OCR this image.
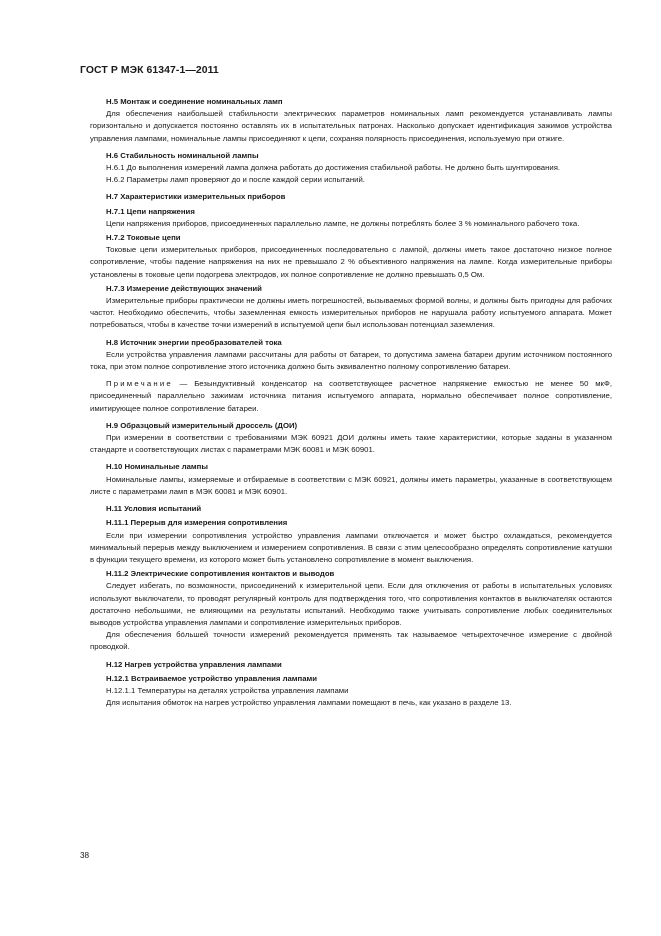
ГОСТ Р МЭК 61347-1—2011

Н.5 Монтаж и соединение номинальных ламп

Для обеспечения наибольшей стабильности электрических параметров номинальных ламп рекомендуется устанавливать лампы горизонтально и допускается постоянно оставлять их в испытательных патронах. Насколько допускает идентификация зажимов устройства управления лампами, номинальные лампы присоединяют к цепи, сохраняя полярность присоединения, используемую при отжиге.

Н.6 Стабильность номинальной лампы

Н.6.1 До выполнения измерений лампа должна работать до достижения стабильной работы. Не должно быть шунтирования.

Н.6.2 Параметры ламп проверяют до и после каждой серии испытаний.

Н.7 Характеристики измерительных приборов

Н.7.1 Цепи напряжения

Цепи напряжения приборов, присоединенных параллельно лампе, не должны потреблять более 3 % номинального рабочего тока.

Н.7.2 Токовые цепи

Токовые цепи измерительных приборов, присоединенных последовательно с лампой, должны иметь такое достаточно низкое полное сопротивление, чтобы падение напряжения на них не превышало 2 % объективного напряжения на лампе. Когда измерительные приборы установлены в токовые цепи подогрева электродов, их полное сопротивление не должно превышать 0,5 Ом.

Н.7.3 Измерение действующих значений

Измерительные приборы практически не должны иметь погрешностей, вызываемых формой волны, и должны быть пригодны для рабочих частот. Необходимо обеспечить, чтобы заземленная емкость измерительных приборов не нарушала работу испытуемого аппарата. Может потребоваться, чтобы в качестве точки измерений в испытуемой цепи был использован потенциал заземления.

Н.8 Источник энергии преобразователей тока

Если устройства управления лампами рассчитаны для работы от батареи, то допустима замена батареи другим источником постоянного тока, при этом полное сопротивление этого источника должно быть эквивалентно полному сопротивлению батареи.

Примечание — Безындуктивный конденсатор на соответствующее расчетное напряжение емкостью не менее 50 мкФ, присоединенный параллельно зажимам источника питания испытуемого аппарата, нормально обеспечивает полное сопротивление, имитирующее полное сопротивление батареи.

Н.9 Образцовый измерительный дроссель (ДОИ)

При измерении в соответствии с требованиями МЭК 60921 ДОИ должны иметь такие характеристики, которые заданы в указанном стандарте и соответствующих листах с параметрами МЭК 60081 и МЭК 60901.

Н.10 Номинальные лампы

Номинальные лампы, измеряемые и отбираемые в соответствии с МЭК 60921, должны иметь параметры, указанные в соответствующем листе с параметрами ламп в МЭК 60081 и МЭК 60901.

Н.11 Условия испытаний

Н.11.1 Перерыв для измерения сопротивления

Если при измерении сопротивления устройство управления лампами отключается и может быстро охлаждаться, рекомендуется минимальный перерыв между выключением и измерением сопротивления. В связи с этим целесообразно определять сопротивление катушки в функции текущего времени, из которого может быть установлено сопротивление в момент выключения.

Н.11.2 Электрические сопротивления контактов и выводов

Следует избегать, по возможности, присоединений к измерительной цепи. Если для отключения от работы в испытательных условиях используют выключатели, то проводят регулярный контроль для подтверждения того, что сопротивления контактов в выключателях остаются достаточно небольшими, не влияющими на результаты испытаний. Необходимо также учитывать сопротивление любых соединительных выводов устройства управления лампами и сопротивление измерительных приборов.

Для обеспечения бо́льшей точности измерений рекомендуется применять так называемое четырехточечное измерение с двойной проводкой.

Н.12 Нагрев устройства управления лампами

Н.12.1 Встраиваемое устройство управления лампами

Н.12.1.1 Температуры на деталях устройства управления лампами

Для испытания обмоток на нагрев устройство управления лампами помещают в печь, как указано в разделе 13.

38
